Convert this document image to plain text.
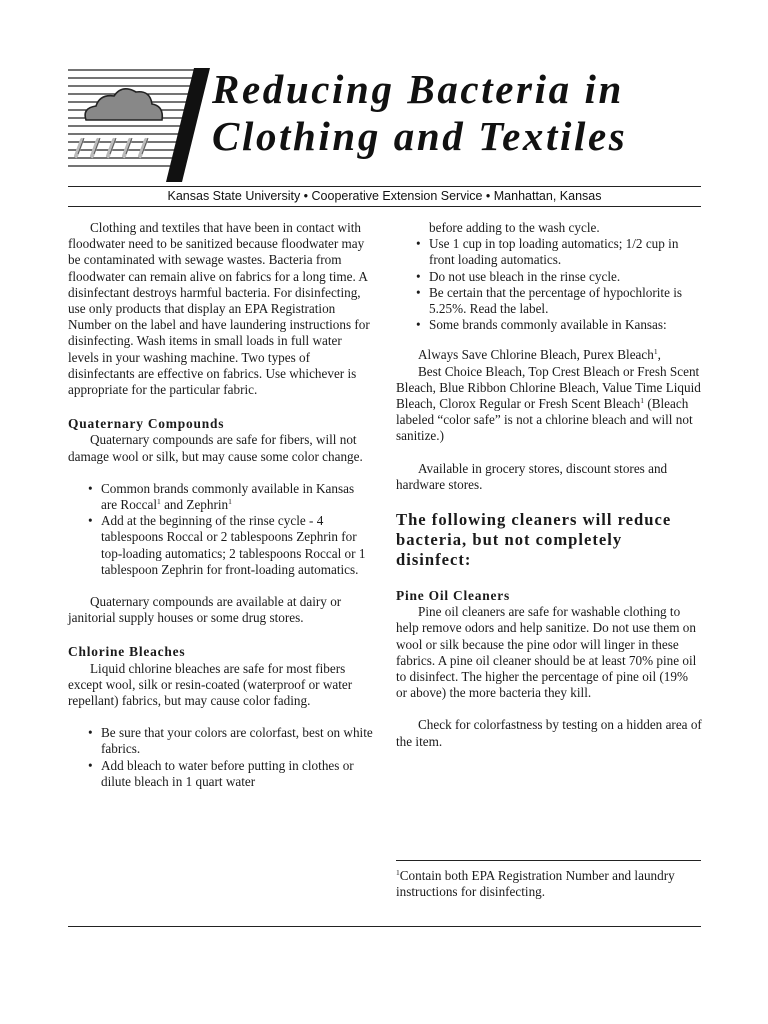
Reducing Bacteria in
Clothing and Textiles
Kansas State University • Cooperative Extension Service • Manhattan, Kansas

Clothing and textiles that have been in contact with floodwater need to be sanitized because floodwater may be contaminated with sewage wastes. Bacteria from floodwater can remain alive on fabrics for a long time. A disinfectant destroys harmful bacteria. For disinfecting, use only products that display an EPA Registration Number on the label and have laundering instructions for disinfecting. Wash items in small loads in full water levels in your washing machine. Two types of disinfectants are effective on fabrics. Use whichever is appropriate for the particular fabric.

Quaternary Compounds

Quaternary compounds are safe for fibers, will not damage wool or silk, but may cause some color change.

• Common brands commonly available in Kansas are Roccal$^1$ and Zephrin$^1$
• Add at the beginning of the rinse cycle - 4 tablespoons Roccal or 2 tablespoons Zephrin for top-loading automatics; 2 tablespoons Roccal or 1 tablespoon Zephrin for front-loading automatics.

Quaternary compounds are available at dairy or janitorial supply houses or some drug stores.

Chlorine Bleaches

Liquid chlorine bleaches are safe for most fibers except wool, silk or resin-coated (waterproof or water repellant) fabrics, but may cause color fading.

• Be sure that your colors are colorfast, best on white fabrics.
• Add bleach to water before putting in clothes or dilute bleach in 1 quart water
before adding to the wash cycle.
• Use 1 cup in top loading automatics; 1/2 cup in front loading automatics.
• Do not use bleach in the rinse cycle.
• Be certain that the percentage of hypochlorite is 5.25%. Read the label.
• Some brands commonly available in Kansas:

Always Save Chlorine Bleach, Purex Bleach$^1$,

Best Choice Bleach, Top Crest Bleach or Fresh Scent Bleach, Blue Ribbon Chlorine Bleach, Value Time Liquid Bleach, Clorox Regular or Fresh Scent Bleach$^1$ (Bleach labeled “color safe” is not a chlorine bleach and will not sanitize.)

Available in grocery stores, discount stores and hardware stores.

The following cleaners will reduce bacteria, but not completely disinfect:

Pine Oil Cleaners

Pine oil cleaners are safe for washable clothing to help remove odors and help sanitize. Do not use them on wool or silk because the pine odor will linger in these fabrics. A pine oil cleaner should be at least 70% pine oil to disinfect. The higher the percentage of pine oil (19% or above) the more bacteria they kill.

Check for colorfastness by testing on a hidden area of the item.

$^1$Contain both EPA Registration Number and laundry instructions for disinfecting.
